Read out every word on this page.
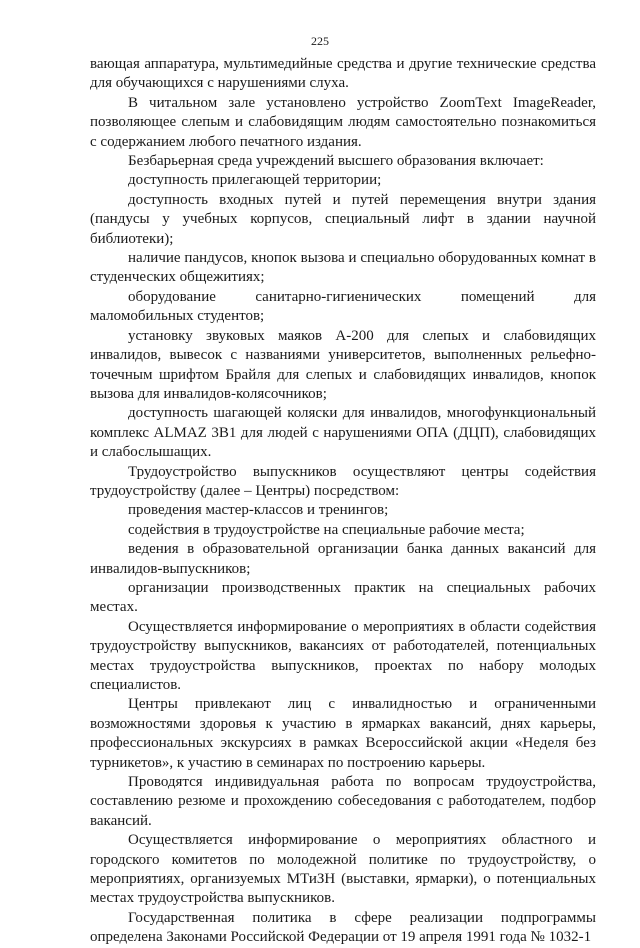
225

вающая аппаратура, мультимедийные средства и другие технические средства для обучающихся с нарушениями слуха.

В читальном зале установлено устройство ZoomText ImageReader, позволяющее слепым и слабовидящим людям самостоятельно познакомиться с содержанием любого печатного издания.

Безбарьерная среда учреждений высшего образования включает:

доступность прилегающей территории;

доступность входных путей и путей перемещения внутри здания (пандусы у учебных корпусов, специальный лифт в здании научной библиотеки);

наличие пандусов, кнопок вызова и специально оборудованных комнат в студенческих общежитиях;

оборудование санитарно-гигиенических помещений для маломобильных студентов;

установку звуковых маяков А-200 для слепых и слабовидящих инвалидов, вывесок с названиями университетов, выполненных рельефно-точечным шрифтом Брайля для слепых и слабовидящих инвалидов, кнопок вызова для инвалидов-колясочников;

доступность шагающей коляски для инвалидов, многофункциональный комплекс ALMAZ 3B1 для людей с нарушениями ОПА (ДЦП), слабовидящих и слабослышащих.

Трудоустройство выпускников осуществляют центры содействия трудоустройству (далее – Центры) посредством:

проведения мастер-классов и тренингов;

содействия в трудоустройстве на специальные рабочие места;

ведения в образовательной организации банка данных вакансий для инвалидов-выпускников;

организации производственных практик на специальных рабочих местах.

Осуществляется информирование о мероприятиях в области содействия трудоустройству выпускников, вакансиях от работодателей, потенциальных местах трудоустройства выпускников, проектах по набору молодых специалистов.

Центры привлекают лиц с инвалидностью и ограниченными возможностями здоровья к участию в ярмарках вакансий, днях карьеры, профессиональных экскурсиях в рамках Всероссийской акции «Неделя без турникетов», к участию в семинарах по построению карьеры.

Проводятся индивидуальная работа по вопросам трудоустройства, составлению резюме и прохождению собеседования с работодателем, подбор вакансий.

Осуществляется информирование о мероприятиях областного и городского комитетов по молодежной политике по трудоустройству, о мероприятиях, организуемых МТиЗН (выставки, ярмарки), о потенциальных местах трудоустройства выпускников.

Государственная политика в сфере реализации подпрограммы определена Законами Российской Федерации от 19 апреля 1991 года № 1032-1
